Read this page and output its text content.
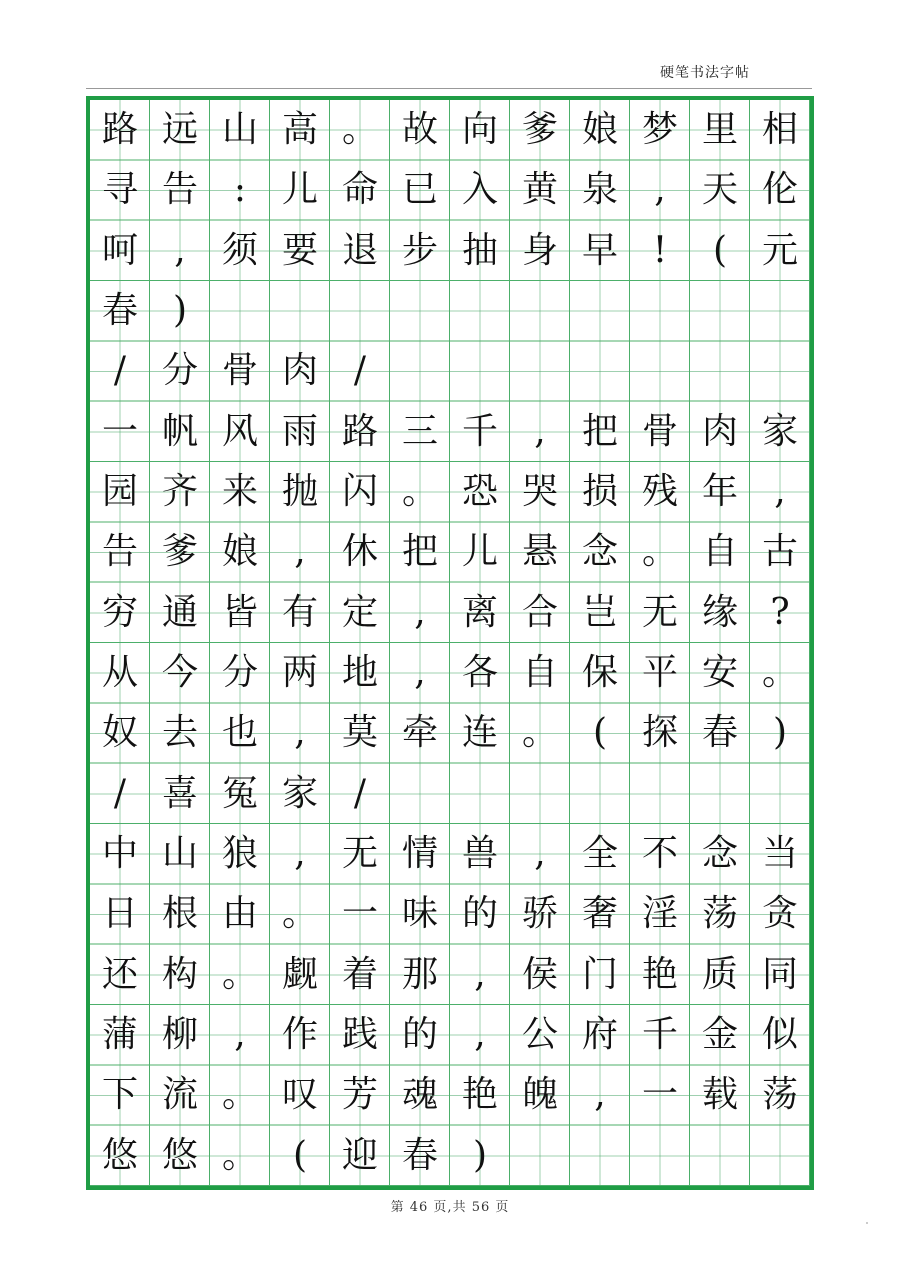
硬笔书法字帖
路 远 山 高 。 故 向 爹 娘 梦 里 相
寻 告 : 儿 命 已 入 黄 泉	,	天 伦
呵	,	须 要 退 步 抽 身 早 !	( 元
春 )
/ 分 骨 肉 /
一 帆 风 雨 路 三 千	,	把 骨 肉 家
园 齐 来 抛 闪 。 恐 哭 损 残 年	,
告 爹 娘	,	休 把 儿 悬 念 。 自 古
穷 通 皆 有 定	,	离 合 岂 无 缘 ?
从 今 分 两 地	,	各 自 保 平 安 。
奴 去 也	,	莫 牵 连 。 ( 探 春 )
/ 喜 冤 家 /
中 山 狼	,	无 情 兽	,	全 不 念 当
日 根 由 。 一 味 的 骄 奢 淫 荡 贪
还 构 。 觑 着 那	,	侯 门 艳 质 同
蒲 柳	,	作 践 的	,	公 府 千 金 似
下 流 。 叹 芳 魂 艳 魄	,	一 载 荡
悠 悠 。 ( 迎 春 )
第 46 页,共 56 页
